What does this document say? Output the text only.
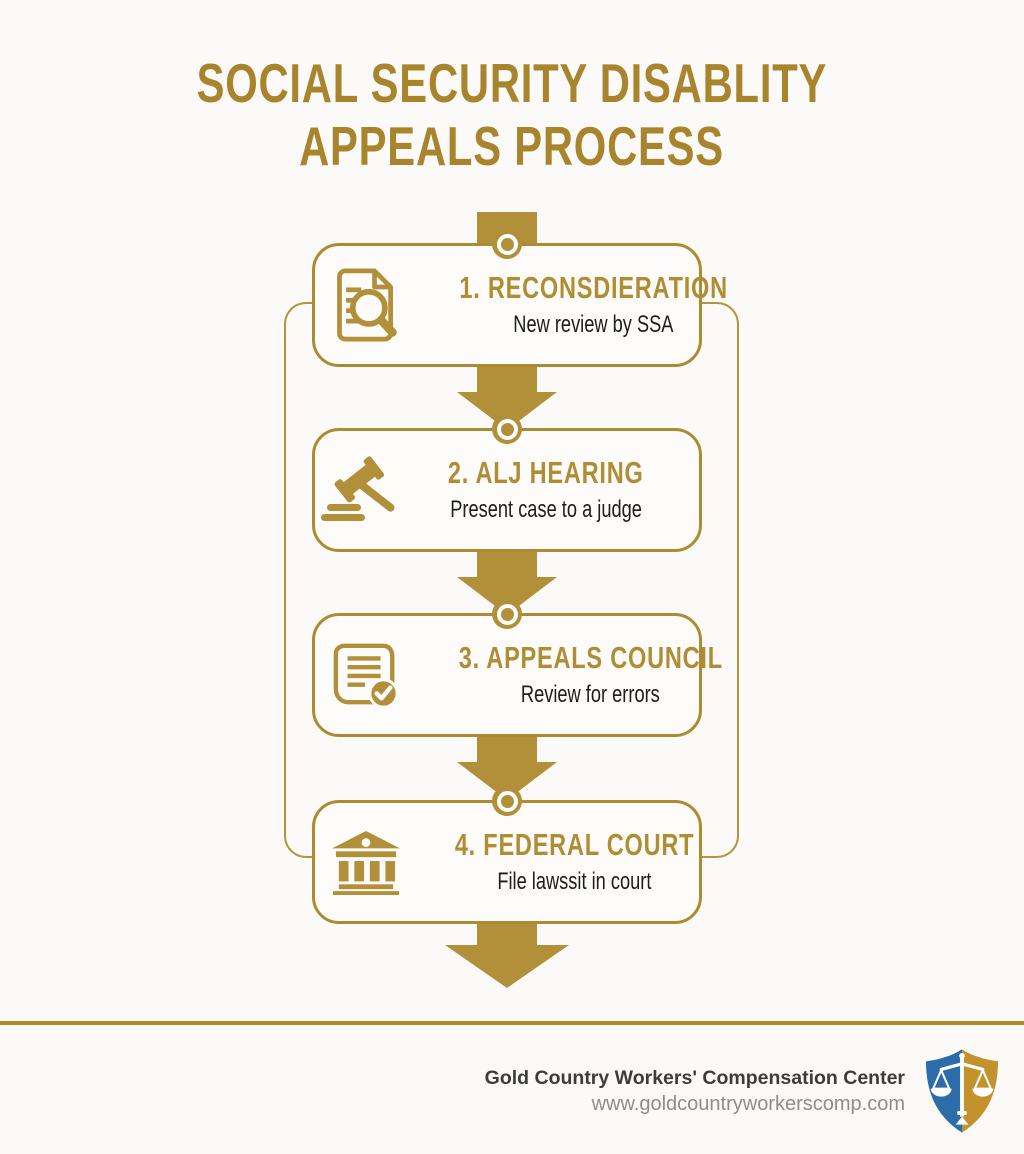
SOCIAL SECURITY DISABLITY
APPEALS PROCESS
1. RECONSDIERATION
New review by SSA
2. ALJ HEARING
Present case to a judge
3. APPEALS COUNCIL
Review for errors
4. FEDERAL COURT
File lawssit in court
Gold Country Workers' Compensation Center
www.goldcountryworkerscomp.com
